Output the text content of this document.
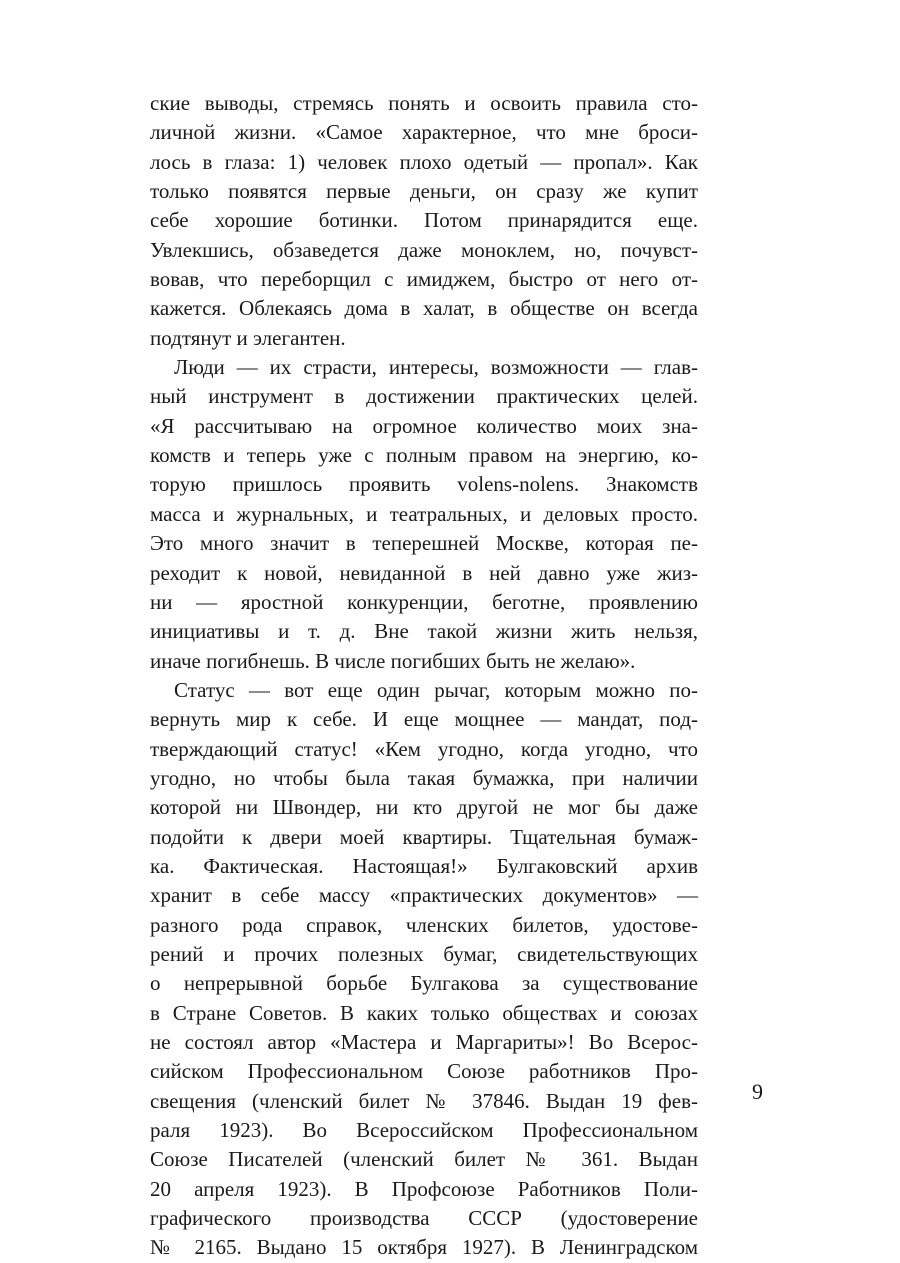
ские выводы, стремясь понять и освоить правила сто-
личной жизни. «Самое характерное, что мне броси-
лось в глаза: 1) человек плохо одетый — пропал». Как
только появятся первые деньги, он сразу же купит
себе хорошие ботинки. Потом принарядится еще.
Увлекшись, обзаведется даже моноклем, но, почувст-
вовав, что переборщил с имиджем, быстро от него от-
кажется. Облекаясь дома в халат, в обществе он всегда
подтянут и элегантен.
Люди — их страсти, интересы, возможности — глав-
ный инструмент в достижении практических целей.
«Я рассчитываю на огромное количество моих зна-
комств и теперь уже с полным правом на энергию, ко-
торую пришлось проявить volens-nolens. Знакомств
масса и журнальных, и театральных, и деловых просто.
Это много значит в теперешней Москве, которая пе-
реходит к новой, невиданной в ней давно уже жиз-
ни — яростной конкуренции, беготне, проявлению
инициативы и т. д. Вне такой жизни жить нельзя,
иначе погибнешь. В числе погибших быть не желаю».
Статус — вот еще один рычаг, которым можно по-
вернуть мир к себе. И еще мощнее — мандат, под-
тверждающий статус! «Кем угодно, когда угодно, что
угодно, но чтобы была такая бумажка, при наличии
которой ни Швондер, ни кто другой не мог бы даже
подойти к двери моей квартиры. Тщательная бумаж-
ка. Фактическая. Настоящая!» Булгаковский архив
хранит в себе массу «практических документов» —
разного рода справок, членских билетов, удостове-
рений и прочих полезных бумаг, свидетельствующих
о непрерывной борьбе Булгакова за существование
в Стране Советов. В каких только обществах и союзах
не состоял автор «Мастера и Маргариты»! Во Всерос-
сийском Профессиональном Союзе работников Про-
свещения (членский билет № 37846. Выдан 19 фев-
раля 1923). Во Всероссийском Профессиональном
Союзе Писателей (членский билет № 361. Выдан
20 апреля 1923). В Профсоюзе Работников Поли-
графического производства СССР (удостоверение
№ 2165. Выдано 15 октября 1927). В Ленинградском
9
